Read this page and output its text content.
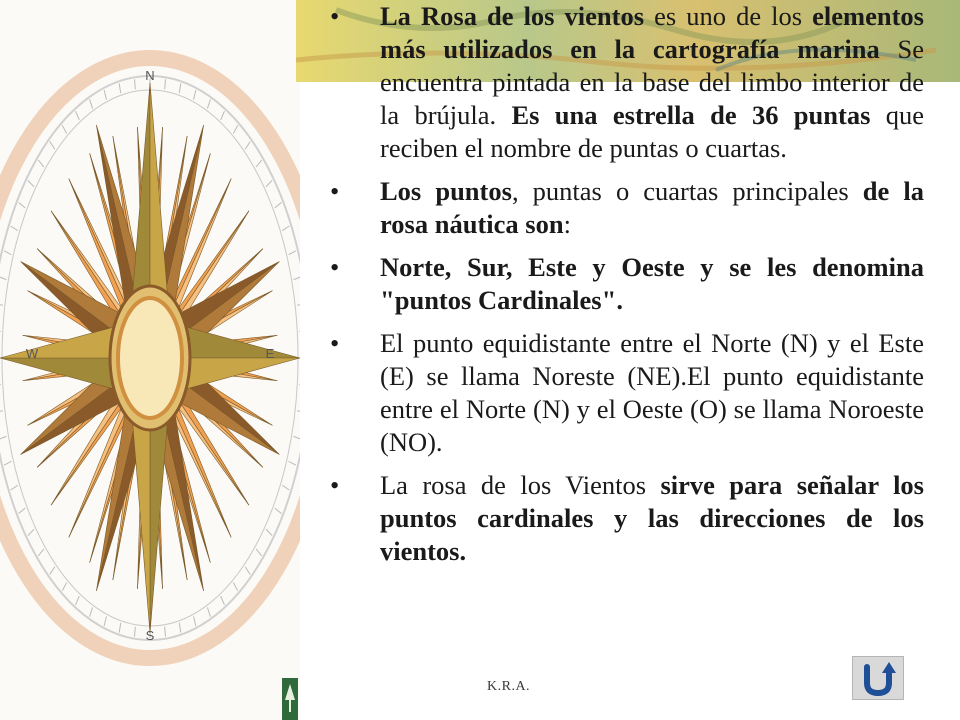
N
S
E
W
• La Rosa de los vientos es uno de los elementos más utilizados en la cartografía marina Se encuentra pintada en la base del limbo interior de la brújula. Es una estrella de 36 puntas que reciben el nombre de puntas o cuartas.
• Los puntos, puntas o cuartas principales de la rosa náutica son:
• Norte, Sur, Este y Oeste y se les denomina "puntos Cardinales".
• El punto equidistante entre el Norte (N) y el Este (E) se llama Noreste (NE).El punto equidistante entre el Norte (N) y el Oeste (O) se llama Noroeste (NO).
• La rosa de los Vientos sirve para señalar los puntos cardinales y las direcciones de los vientos.
K.R.A.
